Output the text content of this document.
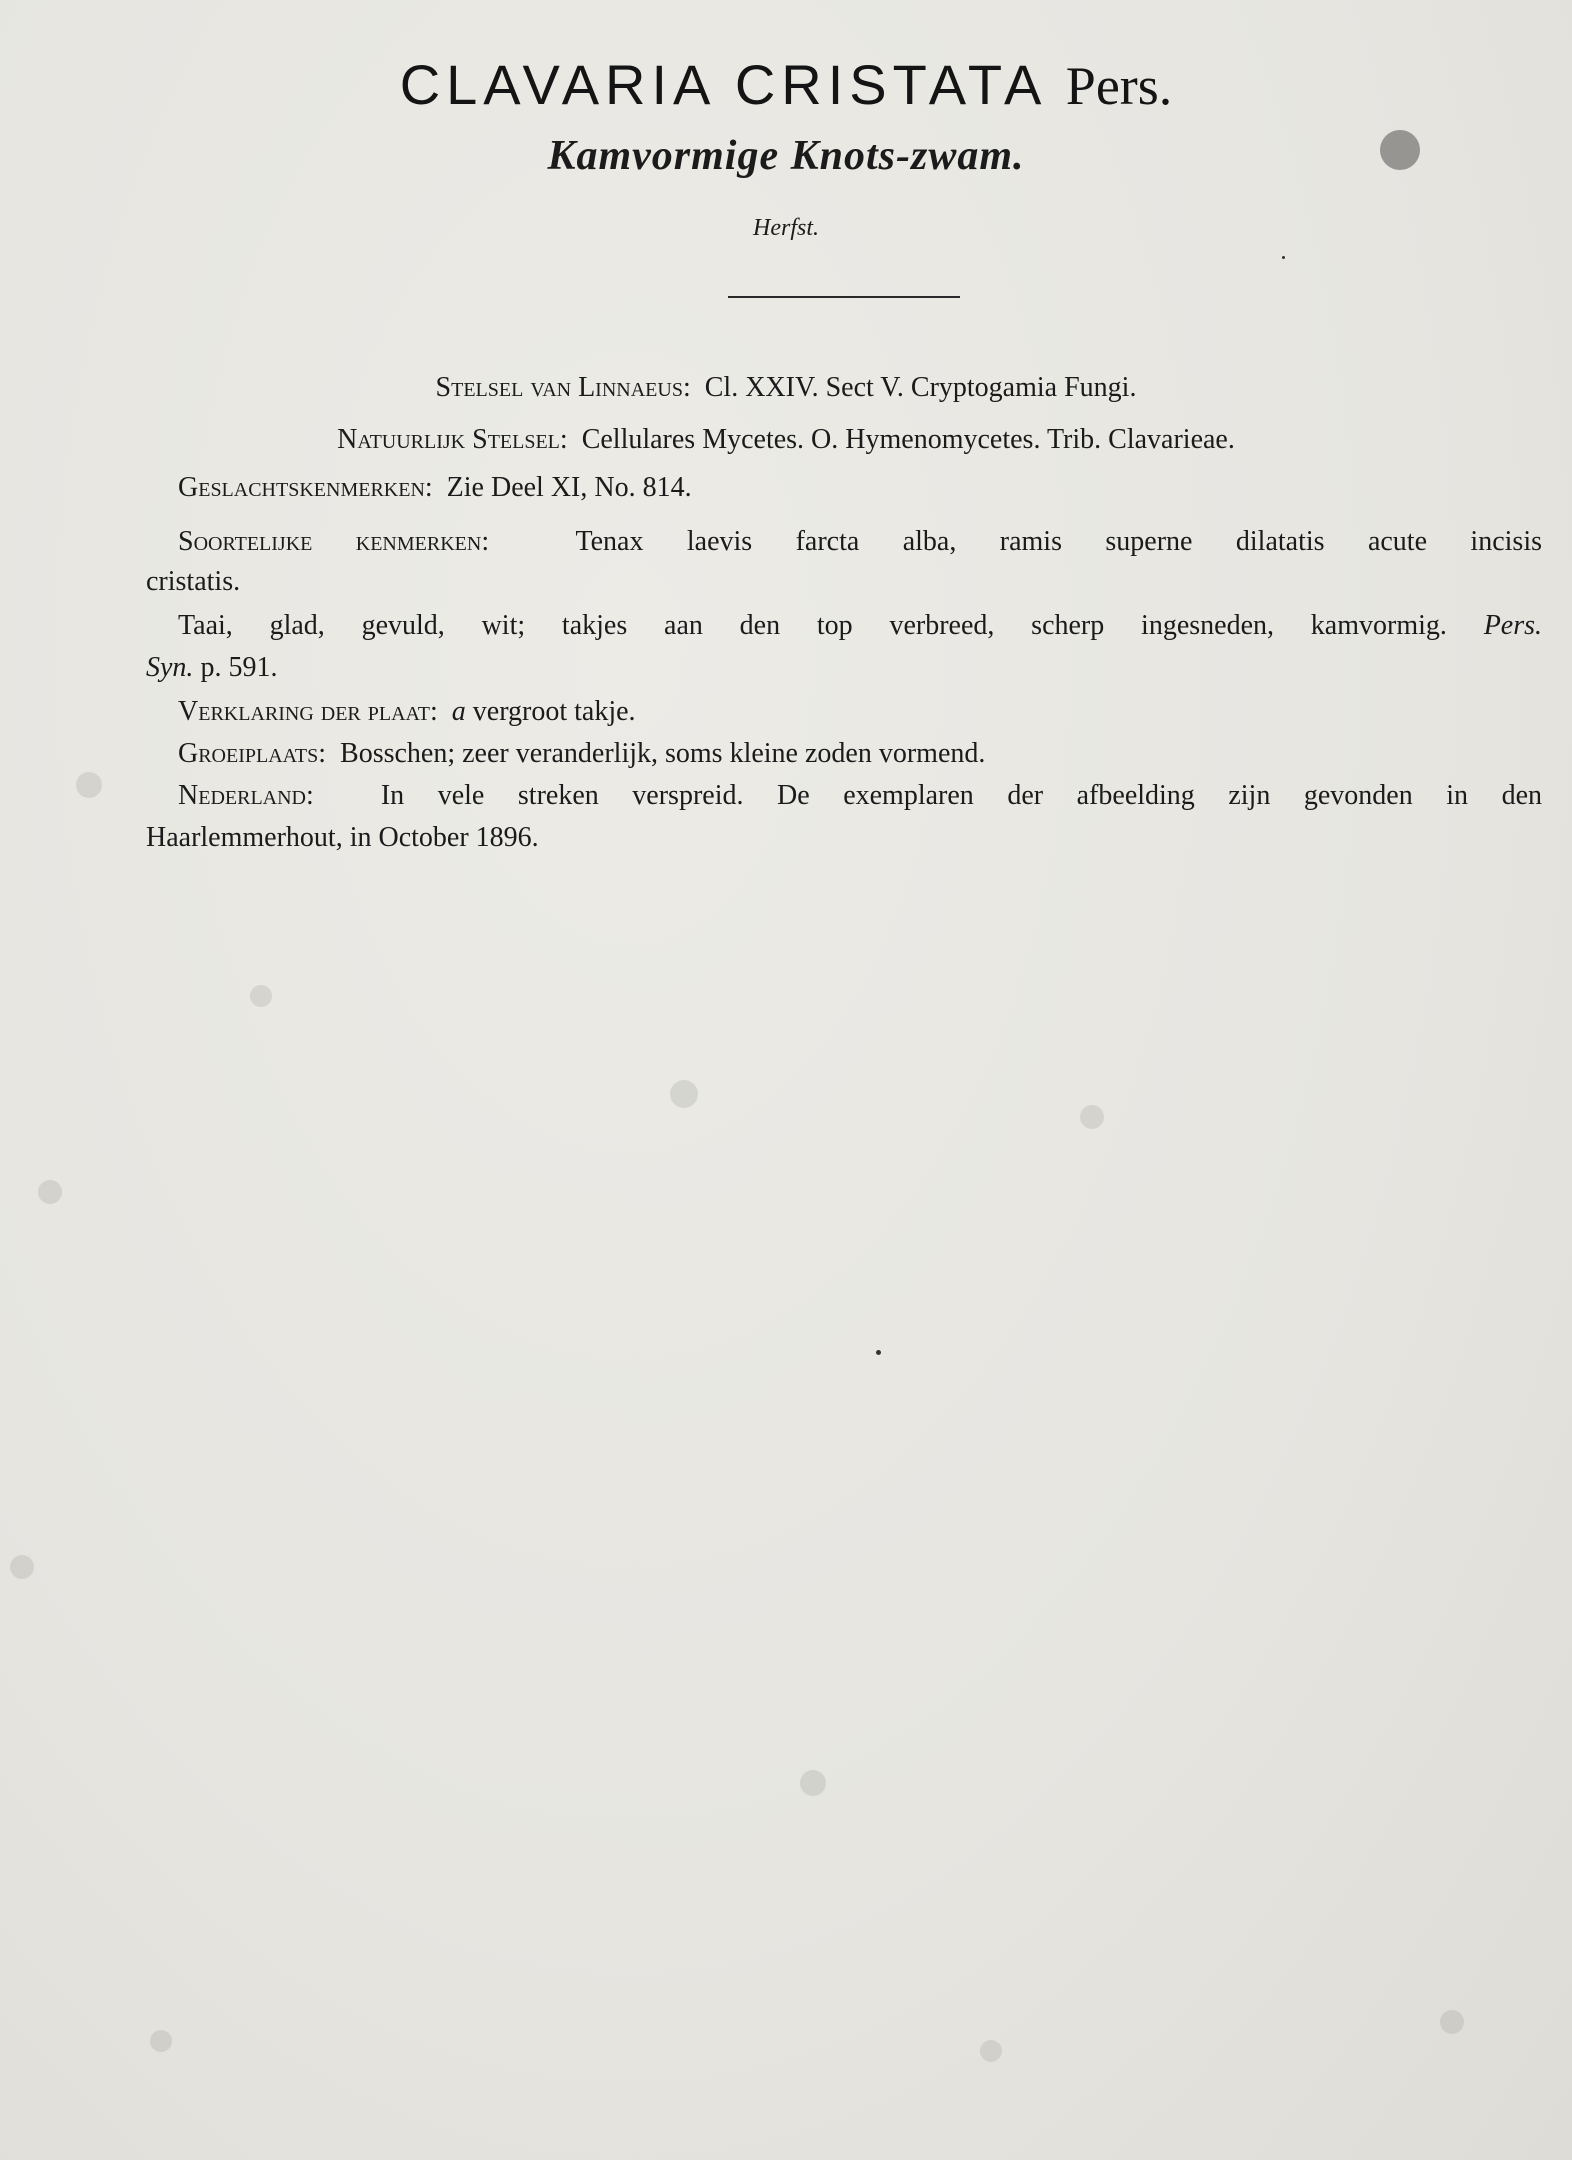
CLAVARIA CRISTATA Pers.
Kamvormige Knots-zwam.
Herfst.
Stelsel van Linnaeus:  Cl. XXIV. Sect V. Cryptogamia Fungi.
Natuurlijk Stelsel:  Cellulares Mycetes. O. Hymenomycetes. Trib. Clavarieae.
Geslachtskenmerken:  Zie Deel XI, No. 814.
Soortelijke kenmerken:  Tenax laevis farcta alba, ramis superne dilatatis acute incisis
cristatis.
Taai, glad, gevuld, wit; takjes aan den top verbreed, scherp ingesneden, kamvormig. Pers.
Syn. p. 591.
Verklaring der plaat:  a vergroot takje.
Groeiplaats:  Bosschen; zeer veranderlijk, soms kleine zoden vormend.
Nederland:  In vele streken verspreid. De exemplaren der afbeelding zijn gevonden in den
Haarlemmerhout, in October 1896.
